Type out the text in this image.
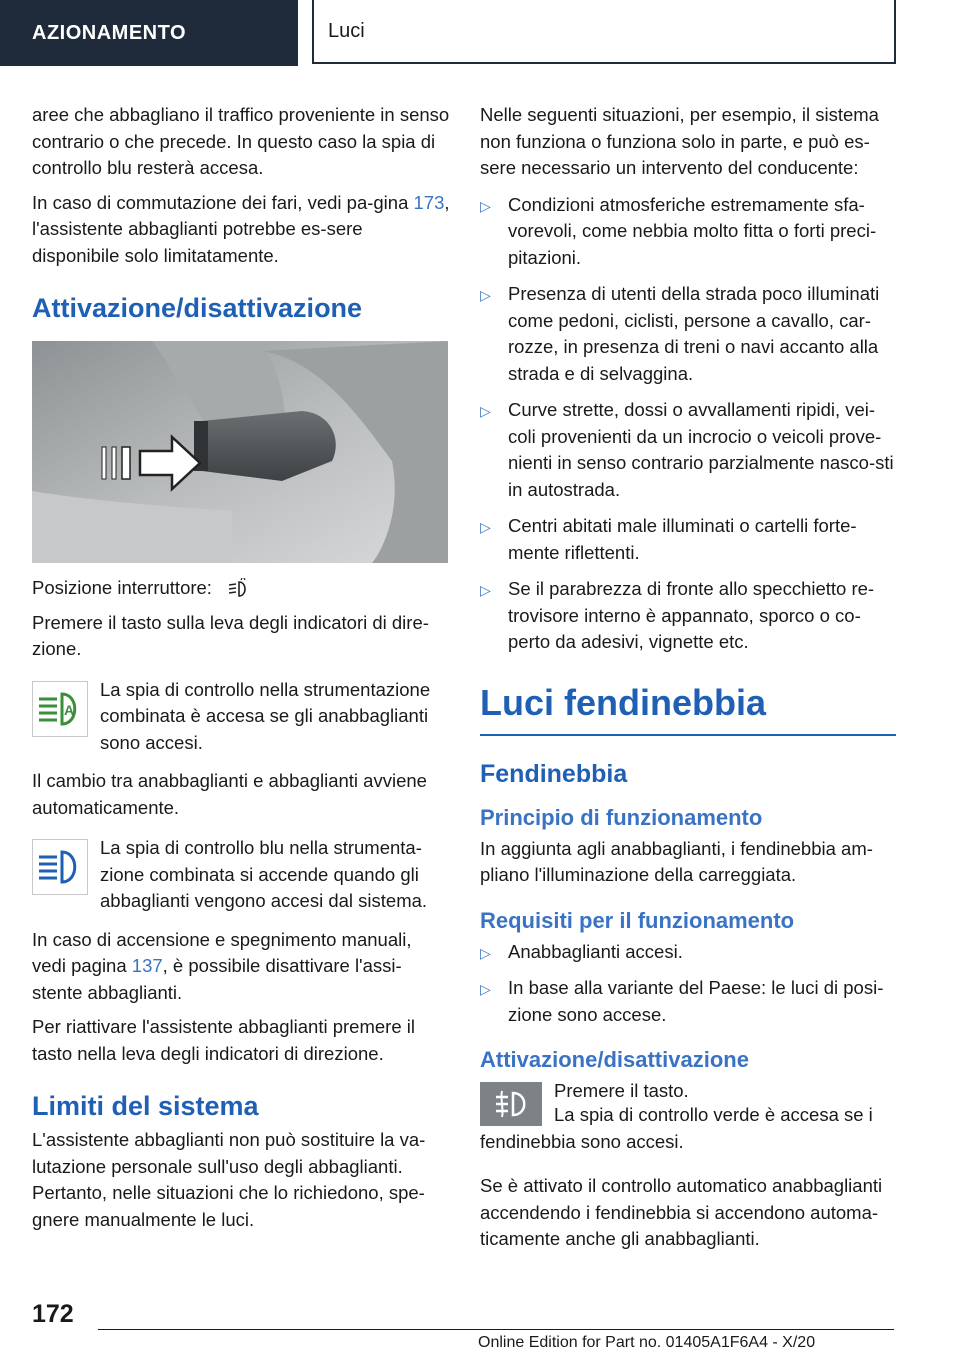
AZIONAMENTO	Luci

aree che abbagliano il traffico proveniente in senso contrario o che precede. In questo caso la spia di controllo blu resterà accesa.

In caso di commutazione dei fari, vedi pa-gina 173, l'assistente abbaglianti potrebbe es-sere disponibile solo limitatamente.

Attivazione/disattivazione

Posizione interruttore:

Premere il tasto sulla leva degli indicatori di dire-zione.

A
La spia di controllo nella strumentazione combinata è accesa se gli anabbaglianti sono accesi.

Il cambio tra anabbaglianti e abbaglianti avviene automaticamente.

La spia di controllo blu nella strumenta-zione combinata si accende quando gli abbaglianti vengono accesi dal sistema.

In caso di accensione e spegnimento manuali, vedi pagina 137, è possibile disattivare l'assi-stente abbaglianti.

Per riattivare l'assistente abbaglianti premere il tasto nella leva degli indicatori di direzione.

Limiti del sistema

L'assistente abbaglianti non può sostituire la va-lutazione personale sull'uso degli abbaglianti. Pertanto, nelle situazioni che lo richiedono, spe-gnere manualmente le luci.

Nelle seguenti situazioni, per esempio, il sistema non funziona o funziona solo in parte, e può es-sere necessario un intervento del conducente:

▷ Condizioni atmosferiche estremamente sfa-vorevoli, come nebbia molto fitta o forti preci-pitazioni.
▷ Presenza di utenti della strada poco illuminati come pedoni, ciclisti, persone a cavallo, car-rozze, in presenza di treni o navi accanto alla strada e di selvaggina.
▷ Curve strette, dossi o avvallamenti ripidi, vei-coli provenienti da un incrocio o veicoli prove-nienti in senso contrario parzialmente nasco-sti in autostrada.
▷ Centri abitati male illuminati o cartelli forte-mente riflettenti.
▷ Se il parabrezza di fronte allo specchietto re-trovisore interno è appannato, sporco o co-perto da adesivi, vignette etc.
Luci fendinebbia
Fendinebbia
Principio di funzionamento

In aggiunta agli anabbaglianti, i fendinebbia am-pliano l'illuminazione della carreggiata.

Requisiti per il funzionamento
▷ Anabbaglianti accesi.
▷ In base alla variante del Paese: le luci di posi-zione sono accese.
Attivazione/disattivazione

Premere il tasto.

La spia di controllo verde è accesa se i fendinebbia sono accesi.

Se è attivato il controllo automatico anabbaglianti accendendo i fendinebbia si accendono automa-ticamente anche gli anabbaglianti.

172
Online Edition for Part no. 01405A1F6A4 - X/20
